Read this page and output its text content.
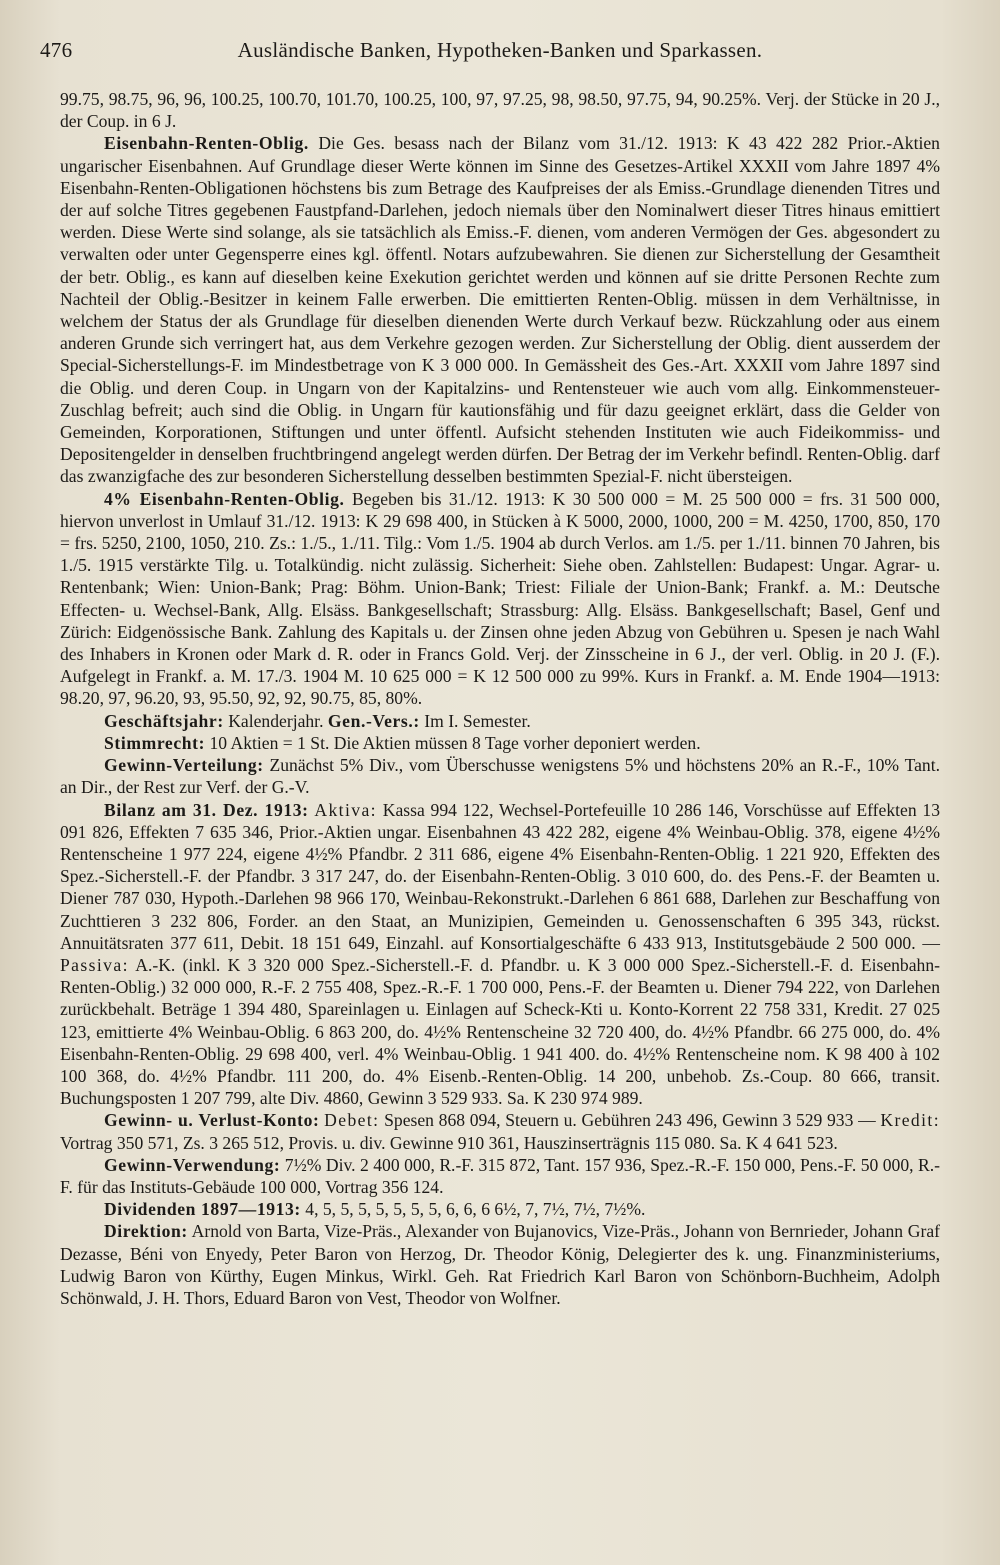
476	Ausländische Banken, Hypotheken-Banken und Sparkassen.

99.75, 98.75, 96, 96, 100.25, 100.70, 101.70, 100.25, 100, 97, 97.25, 98, 98.50, 97.75, 94, 90.25%. Verj. der Stücke in 20 J., der Coup. in 6 J.

Eisenbahn-Renten-Oblig. Die Ges. besass nach der Bilanz vom 31./12. 1913: K 43 422 282 Prior.-Aktien ungarischer Eisenbahnen. Auf Grundlage dieser Werte können im Sinne des Gesetzes-Artikel XXXII vom Jahre 1897 4% Eisenbahn-Renten-Obligationen höchstens bis zum Betrage des Kaufpreises der als Emiss.-Grundlage dienenden Titres und der auf solche Titres gegebenen Faustpfand-Darlehen, jedoch niemals über den Nominalwert dieser Titres hinaus emittiert werden. Diese Werte sind solange, als sie tatsächlich als Emiss.-F. dienen, vom anderen Vermögen der Ges. abgesondert zu verwalten oder unter Gegensperre eines kgl. öffentl. Notars aufzubewahren. Sie dienen zur Sicherstellung der Gesamtheit der betr. Oblig., es kann auf dieselben keine Exekution gerichtet werden und können auf sie dritte Personen Rechte zum Nachteil der Oblig.-Besitzer in keinem Falle erwerben. Die emittierten Renten-Oblig. müssen in dem Verhältnisse, in welchem der Status der als Grundlage für dieselben dienenden Werte durch Verkauf bezw. Rückzahlung oder aus einem anderen Grunde sich verringert hat, aus dem Verkehre gezogen werden. Zur Sicherstellung der Oblig. dient ausserdem der Special-Sicherstellungs-F. im Mindestbetrage von K 3 000 000. In Gemässheit des Ges.-Art. XXXII vom Jahre 1897 sind die Oblig. und deren Coup. in Ungarn von der Kapitalzins- und Rentensteuer wie auch vom allg. Einkommensteuer-Zuschlag befreit; auch sind die Oblig. in Ungarn für kautionsfähig und für dazu geeignet erklärt, dass die Gelder von Gemeinden, Korporationen, Stiftungen und unter öffentl. Aufsicht stehenden Instituten wie auch Fideikommiss- und Depositengelder in denselben fruchtbringend angelegt werden dürfen. Der Betrag der im Verkehr befindl. Renten-Oblig. darf das zwanzigfache des zur besonderen Sicherstellung desselben bestimmten Spezial-F. nicht übersteigen.

4% Eisenbahn-Renten-Oblig. Begeben bis 31./12. 1913: K 30 500 000 = M. 25 500 000 = frs. 31 500 000, hiervon unverlost in Umlauf 31./12. 1913: K 29 698 400, in Stücken à K 5000, 2000, 1000, 200 = M. 4250, 1700, 850, 170 = frs. 5250, 2100, 1050, 210. Zs.: 1./5., 1./11. Tilg.: Vom 1./5. 1904 ab durch Verlos. am 1./5. per 1./11. binnen 70 Jahren, bis 1./5. 1915 verstärkte Tilg. u. Totalkündig. nicht zulässig. Sicherheit: Siehe oben. Zahlstellen: Budapest: Ungar. Agrar- u. Rentenbank; Wien: Union-Bank; Prag: Böhm. Union-Bank; Triest: Filiale der Union-Bank; Frankf. a. M.: Deutsche Effecten- u. Wechsel-Bank, Allg. Elsäss. Bankgesellschaft; Strassburg: Allg. Elsäss. Bankgesellschaft; Basel, Genf und Zürich: Eidgenössische Bank. Zahlung des Kapitals u. der Zinsen ohne jeden Abzug von Gebühren u. Spesen je nach Wahl des Inhabers in Kronen oder Mark d. R. oder in Francs Gold. Verj. der Zinsscheine in 6 J., der verl. Oblig. in 20 J. (F.). Aufgelegt in Frankf. a. M. 17./3. 1904 M. 10 625 000 = K 12 500 000 zu 99%. Kurs in Frankf. a. M. Ende 1904—1913: 98.20, 97, 96.20, 93, 95.50, 92, 92, 90.75, 85, 80%.

Geschäftsjahr: Kalenderjahr. Gen.-Vers.: Im I. Semester.

Stimmrecht: 10 Aktien = 1 St. Die Aktien müssen 8 Tage vorher deponiert werden.

Gewinn-Verteilung: Zunächst 5% Div., vom Überschusse wenigstens 5% und höchstens 20% an R.-F., 10% Tant. an Dir., der Rest zur Verf. der G.-V.

Bilanz am 31. Dez. 1913: Aktiva: Kassa 994 122, Wechsel-Portefeuille 10 286 146, Vorschüsse auf Effekten 13 091 826, Effekten 7 635 346, Prior.-Aktien ungar. Eisenbahnen 43 422 282, eigene 4% Weinbau-Oblig. 378, eigene 4½% Rentenscheine 1 977 224, eigene 4½% Pfandbr. 2 311 686, eigene 4% Eisenbahn-Renten-Oblig. 1 221 920, Effekten des Spez.-Sicherstell.-F. der Pfandbr. 3 317 247, do. der Eisenbahn-Renten-Oblig. 3 010 600, do. des Pens.-F. der Beamten u. Diener 787 030, Hypoth.-Darlehen 98 966 170, Weinbau-Rekonstrukt.-Darlehen 6 861 688, Darlehen zur Beschaffung von Zuchttieren 3 232 806, Forder. an den Staat, an Munizipien, Gemeinden u. Genossenschaften 6 395 343, rückst. Annuitätsraten 377 611, Debit. 18 151 649, Einzahl. auf Konsortialgeschäfte 6 433 913, Institutsgebäude 2 500 000. — Passiva: A.-K. (inkl. K 3 320 000 Spez.-Sicherstell.-F. d. Pfandbr. u. K 3 000 000 Spez.-Sicherstell.-F. d. Eisenbahn-Renten-Oblig.) 32 000 000, R.-F. 2 755 408, Spez.-R.-F. 1 700 000, Pens.-F. der Beamten u. Diener 794 222, von Darlehen zurückbehalt. Beträge 1 394 480, Spareinlagen u. Einlagen auf Scheck-Kti u. Konto-Korrent 22 758 331, Kredit. 27 025 123, emittierte 4% Weinbau-Oblig. 6 863 200, do. 4½% Rentenscheine 32 720 400, do. 4½% Pfandbr. 66 275 000, do. 4% Eisenbahn-Renten-Oblig. 29 698 400, verl. 4% Weinbau-Oblig. 1 941 400. do. 4½% Rentenscheine nom. K 98 400 à 102 100 368, do. 4½% Pfandbr. 111 200, do. 4% Eisenb.-Renten-Oblig. 14 200, unbehob. Zs.-Coup. 80 666, transit. Buchungsposten 1 207 799, alte Div. 4860, Gewinn 3 529 933. Sa. K 230 974 989.

Gewinn- u. Verlust-Konto: Debet: Spesen 868 094, Steuern u. Gebühren 243 496, Gewinn 3 529 933 — Kredit: Vortrag 350 571, Zs. 3 265 512, Provis. u. div. Gewinne 910 361, Hauszinserträgnis 115 080. Sa. K 4 641 523.

Gewinn-Verwendung: 7½% Div. 2 400 000, R.-F. 315 872, Tant. 157 936, Spez.-R.-F. 150 000, Pens.-F. 50 000, R.-F. für das Instituts-Gebäude 100 000, Vortrag 356 124.

Dividenden 1897—1913: 4, 5, 5, 5, 5, 5, 5, 5, 6, 6, 6 6½, 7, 7½, 7½, 7½%.

Direktion: Arnold von Barta, Vize-Präs., Alexander von Bujanovics, Vize-Präs., Johann von Bernrieder, Johann Graf Dezasse, Béni von Enyedy, Peter Baron von Herzog, Dr. Theodor König, Delegierter des k. ung. Finanzministeriums, Ludwig Baron von Kürthy, Eugen Minkus, Wirkl. Geh. Rat Friedrich Karl Baron von Schönborn-Buchheim, Adolph Schönwald, J. H. Thors, Eduard Baron von Vest, Theodor von Wolfner.
